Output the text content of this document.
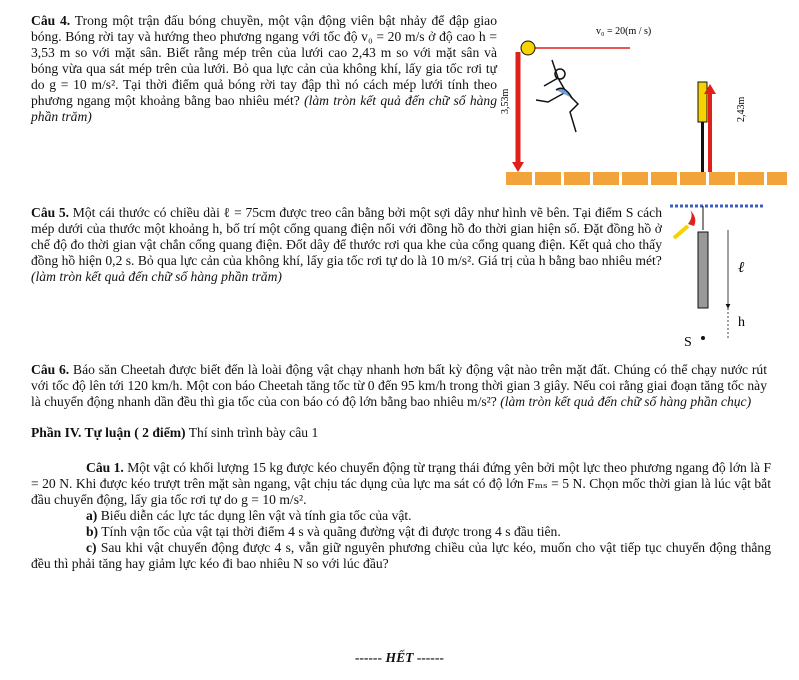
Câu 4. Trong một trận đấu bóng chuyền, một vận động viên bật nhảy để đập giao bóng. Bóng rời tay và hướng theo phương ngang với tốc độ v₀ = 20 m/s ở độ cao h = 3,53 m so với mặt sân. Biết rằng mép trên của lưới cao 2,43 m so với mặt sân và bóng vừa qua sát mép trên của lưới. Bỏ qua lực cản của không khí, lấy gia tốc rơi tự do g = 10 m/s². Tại thời điểm quả bóng rời tay đập thì nó cách mép lưới tính theo phương ngang một khoảng bằng bao nhiêu mét? (làm tròn kết quả đến chữ số hàng phần trăm)

v₀ = 20(m / s)
3,53m	2,43m

Câu 5. Một cái thước có chiều dài ℓ = 75cm được treo cân bằng bởi một sợi dây như hình vẽ bên. Tại điểm S cách mép dưới của thước một khoảng h, bố trí một cổng quang điện nối với đồng hồ đo thời gian hiện số. Đặt đồng hồ ở chế độ đo thời gian vật chắn cổng quang điện. Đốt dây để thước rơi qua khe của cổng quang điện. Kết quả cho thấy đồng hồ hiện 0,2 s. Bỏ qua lực cản của không khí, lấy gia tốc rơi tự do là 10 m/s². Giá trị của h bằng bao nhiêu mét?
(làm tròn kết quả đến chữ số hàng phần trăm)

ℓ
h
S

Câu 6. Báo săn Cheetah được biết đến là loài động vật chạy nhanh hơn bất kỳ động vật nào trên mặt đất. Chúng có thể chạy nước rút với tốc độ lên tới 120 km/h. Một con báo Cheetah tăng tốc từ 0 đến 95 km/h trong thời gian 3 giây. Nếu coi rằng giai đoạn tăng tốc này là chuyển động nhanh dần đều thì gia tốc của con báo có độ lớn bằng bao nhiêu m/s²? (làm tròn kết quả đến chữ số hàng phần chục)

Phần IV. Tự luận ( 2 điểm) Thí sinh trình bày câu 1

Câu 1. Một vật có khối lượng 15 kg được kéo chuyển động từ trạng thái đứng yên bởi một lực theo phương ngang độ lớn là F = 20 N. Khi được kéo trượt trên mặt sàn ngang, vật chịu tác dụng của lực ma sát có độ lớn Fₘₛ = 5 N. Chọn mốc thời gian là lúc vật bắt đầu chuyển động, lấy gia tốc rơi tự do g = 10 m/s².

a) Biểu diễn các lực tác dụng lên vật và tính gia tốc của vật.

b) Tính vận tốc của vật tại thời điểm 4 s và quãng đường vật đi được trong 4 s đầu tiên.

c) Sau khi vật chuyển động được 4 s, vẫn giữ nguyên phương chiều của lực kéo, muốn cho vật tiếp tục chuyển động thẳng đều thì phải tăng hay giảm lực kéo đi bao nhiêu N so với lúc đầu?

------ HẾT ------
